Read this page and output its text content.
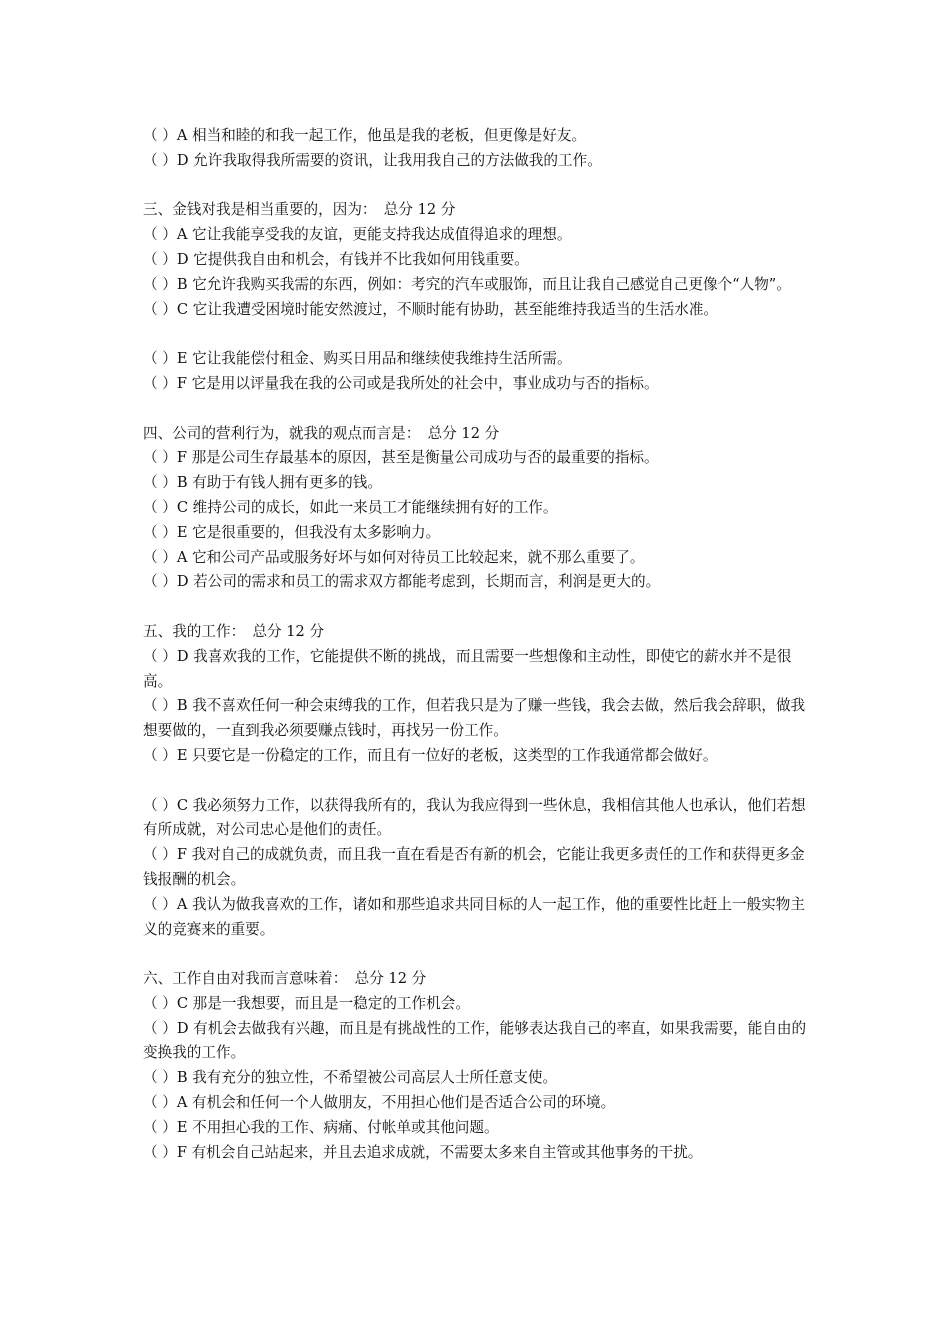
（ ）A 相当和睦的和我一起工作，他虽是我的老板，但更像是好友。
（ ）D 允许我取得我所需要的资讯，让我用我自己的方法做我的工作。
三、金钱对我是相当重要的，因为：　总分 12 分
（ ）A 它让我能享受我的友谊，更能支持我达成值得追求的理想。
（ ）D 它提供我自由和机会，有钱并不比我如何用钱重要。
（ ）B 它允许我购买我需的东西，例如：考究的汽车或服饰，而且让我自己感觉自己更像个“人物”。
（ ）C 它让我遭受困境时能安然渡过，不顺时能有协助，甚至能维持我适当的生活水准。
（ ）E 它让我能偿付租金、购买日用品和继续使我维持生活所需。
（ ）F 它是用以评量我在我的公司或是我所处的社会中，事业成功与否的指标。
四、公司的营利行为，就我的观点而言是：　总分 12 分
（ ）F 那是公司生存最基本的原因，甚至是衡量公司成功与否的最重要的指标。
（ ）B 有助于有钱人拥有更多的钱。
（ ）C 维持公司的成长，如此一来员工才能继续拥有好的工作。
（ ）E 它是很重要的，但我没有太多影响力。
（ ）A 它和公司产品或服务好坏与如何对待员工比较起来，就不那么重要了。
（ ）D 若公司的需求和员工的需求双方都能考虑到，长期而言，利润是更大的。
五、我的工作：　总分 12 分
（ ）D 我喜欢我的工作，它能提供不断的挑战，而且需要一些想像和主动性，即使它的薪水并不是很高。
（ ）B 我不喜欢任何一种会束缚我的工作，但若我只是为了赚一些钱，我会去做，然后我会辞职，做我想要做的，一直到我必须要赚点钱时，再找另一份工作。
（ ）E 只要它是一份稳定的工作，而且有一位好的老板，这类型的工作我通常都会做好。
（ ）C 我必须努力工作，以获得我所有的，我认为我应得到一些休息，我相信其他人也承认，他们若想有所成就，对公司忠心是他们的责任。
（ ）F 我对自己的成就负责，而且我一直在看是否有新的机会，它能让我更多责任的工作和获得更多金钱报酬的机会。
（ ）A 我认为做我喜欢的工作，诸如和那些追求共同目标的人一起工作，他的重要性比赶上一般实物主义的竞赛来的重要。
六、工作自由对我而言意味着：　总分 12 分
（ ）C 那是一我想要，而且是一稳定的工作机会。
（ ）D 有机会去做我有兴趣，而且是有挑战性的工作，能够表达我自己的率直，如果我需要，能自由的变换我的工作。
（ ）B 我有充分的独立性，不希望被公司高层人士所任意支使。
（ ）A 有机会和任何一个人做朋友，不用担心他们是否适合公司的环境。
（ ）E 不用担心我的工作、病痛、付帐单或其他问题。
（ ）F 有机会自己站起来，并且去追求成就，不需要太多来自主管或其他事务的干扰。
